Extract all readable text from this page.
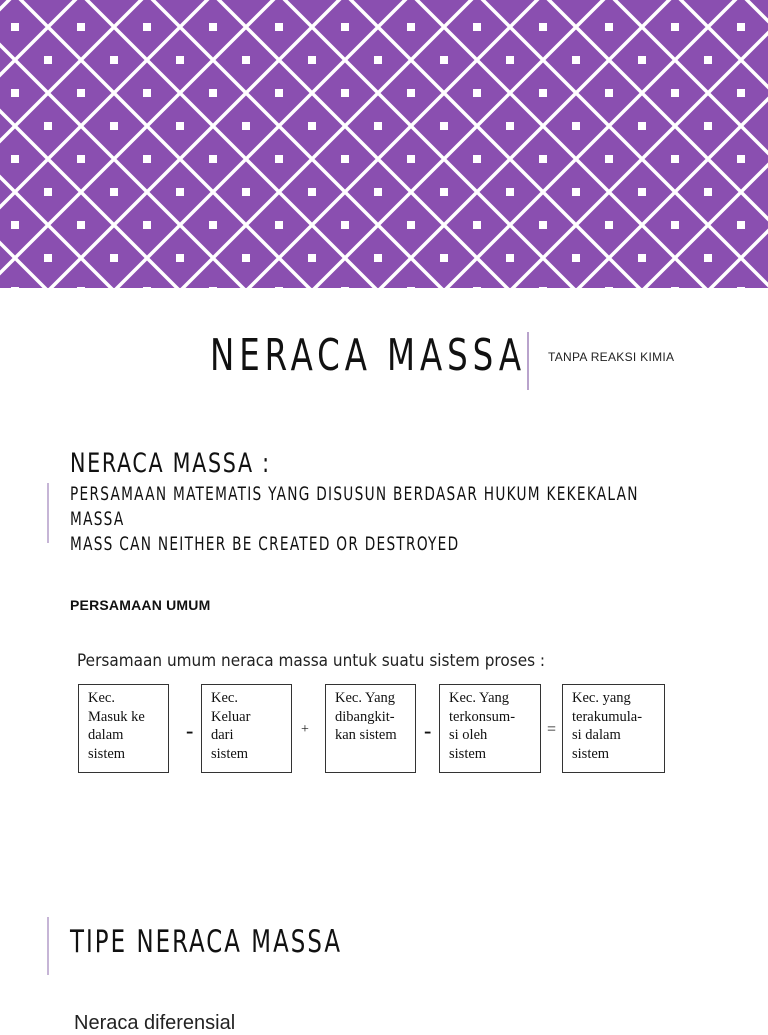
NERACA MASSA TANPA REAKSI KIMIA
NERACA MASSA :

PERSAMAAN MATEMATIS YANG DISUSUN BERDASAR HUKUM KEKEKALAN

MASSA

MASS CAN NEITHER BE CREATED OR DESTROYED

PERSAMAAN UMUM
Persamaan umum neraca massa untuk suatu sistem proses :
Kec.
Masuk ke
dalam
sistem
-
Kec.
Keluar
dari
sistem
+
Kec. Yang
dibangkit-
kan sistem	-
Kec. Yang
terkonsum-
si oleh
sistem
=
Kec. yang
terakumula-
si dalam
sistem
TIPE NERACA MASSA
Neraca diferensial
